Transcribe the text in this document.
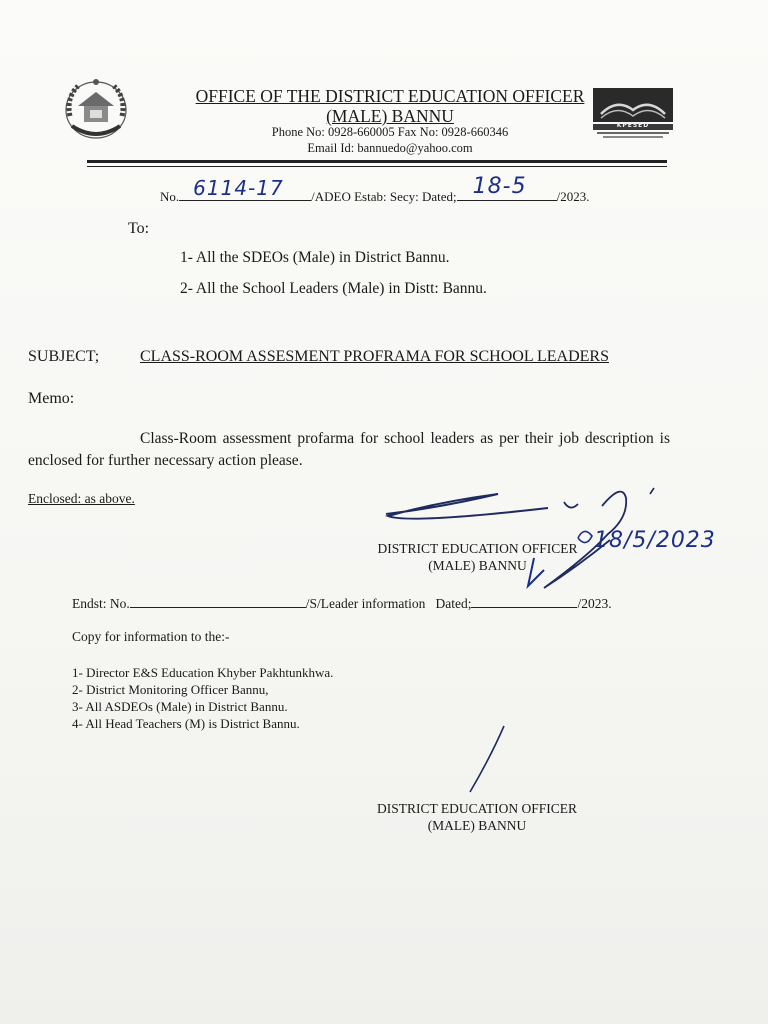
OFFICE OF THE DISTRICT EDUCATION OFFICER
(MALE) BANNU
Phone No: 0928-660005 Fax No: 0928-660346
Email Id: bannuedo@yahoo.com
KPESED
No. 6114-17 /ADEO Estab: Secy: Dated; 18-5 /2023.
To:
1- All the SDEOs (Male) in District Bannu.
2- All the School Leaders (Male) in Distt: Bannu.
SUBJECT;	CLASS-ROOM ASSESMENT PROFRAMA FOR SCHOOL LEADERS
Memo:
Class-Room assessment profarma for school leaders as per their job description is enclosed for further necessary action please.
Enclosed: as above.
18/5/2023
DISTRICT EDUCATION OFFICER
(MALE) BANNU
Endst: No.	/S/Leader information Dated;	/2023.
Copy for information to the:-
1- Director E&S Education Khyber Pakhtunkhwa.
2- District Monitoring Officer Bannu,
3- All ASDEOs (Male) in District Bannu.
4- All Head Teachers (M) is District Bannu.
DISTRICT EDUCATION OFFICER
(MALE) BANNU
